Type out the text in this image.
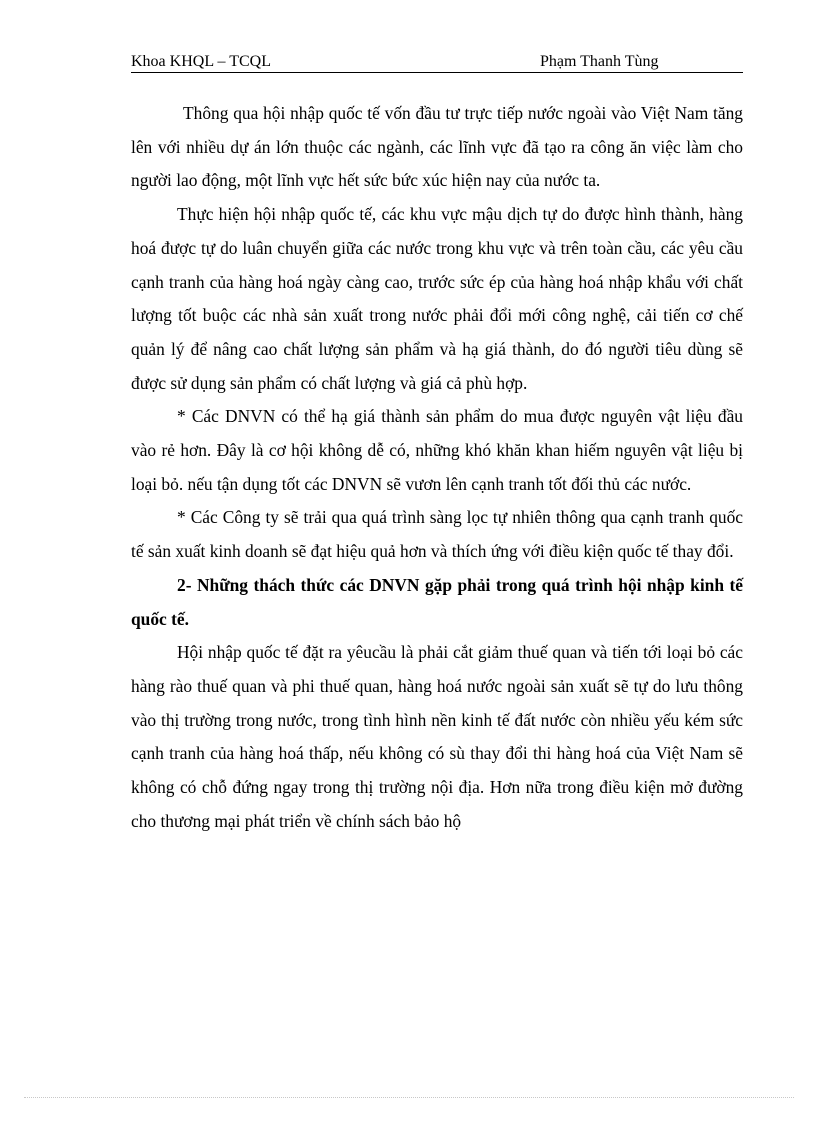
Khoa KHQL – TCQL	Phạm Thanh Tùng

Thông qua hội nhập quốc tế vốn đầu tư trực tiếp nước ngoài vào Việt Nam tăng lên với nhiều dự án lớn thuộc các ngành, các lĩnh vực đã tạo ra công ăn việc làm cho người lao động, một lĩnh vực hết sức bức xúc hiện nay của nước ta.

Thực hiện hội nhập quốc tế, các khu vực mậu dịch tự do được hình thành, hàng hoá được tự do luân chuyển giữa các nước trong khu vực và trên toàn cầu, các yêu cầu cạnh tranh của hàng hoá ngày càng cao, trước sức ép của hàng hoá nhập khẩu với chất lượng tốt buộc các nhà sản xuất trong nước phải đổi mới công nghệ, cải tiến cơ chế quản lý để nâng cao chất lượng sản phẩm và hạ giá thành, do đó người tiêu dùng sẽ được sử dụng sản phẩm có chất lượng và giá cả phù hợp.

* Các DNVN có thể hạ giá thành sản phẩm do mua được nguyên vật liệu đầu vào rẻ hơn. Đây là cơ hội không dễ có, những khó khăn khan hiếm nguyên vật liệu bị loại bỏ. nếu tận dụng tốt các DNVN sẽ vươn lên cạnh tranh tốt đối thủ các nước.

* Các Công ty sẽ trải qua quá trình sàng lọc tự nhiên thông qua cạnh tranh quốc tế sản xuất kinh doanh sẽ đạt hiệu quả hơn và thích ứng với điều kiện quốc tế thay đổi.

2- Những thách thức các DNVN gặp phải trong quá trình hội nhập kinh tế quốc tế.

Hội nhập quốc tế đặt ra yêucầu là phải cắt giảm thuế quan và tiến tới loại bỏ các hàng rào thuế quan và phi thuế quan, hàng hoá nước ngoài sản xuất sẽ tự do lưu thông vào thị trường trong nước, trong tình hình nền kinh tế đất nước còn nhiều yếu kém sức cạnh tranh của hàng hoá thấp, nếu không có sù thay đổi thi hàng hoá của Việt Nam sẽ không có chỗ đứng ngay trong thị trường nội địa. Hơn nữa trong điều kiện mở đường cho thương mại phát triển về chính sách bảo hộ
